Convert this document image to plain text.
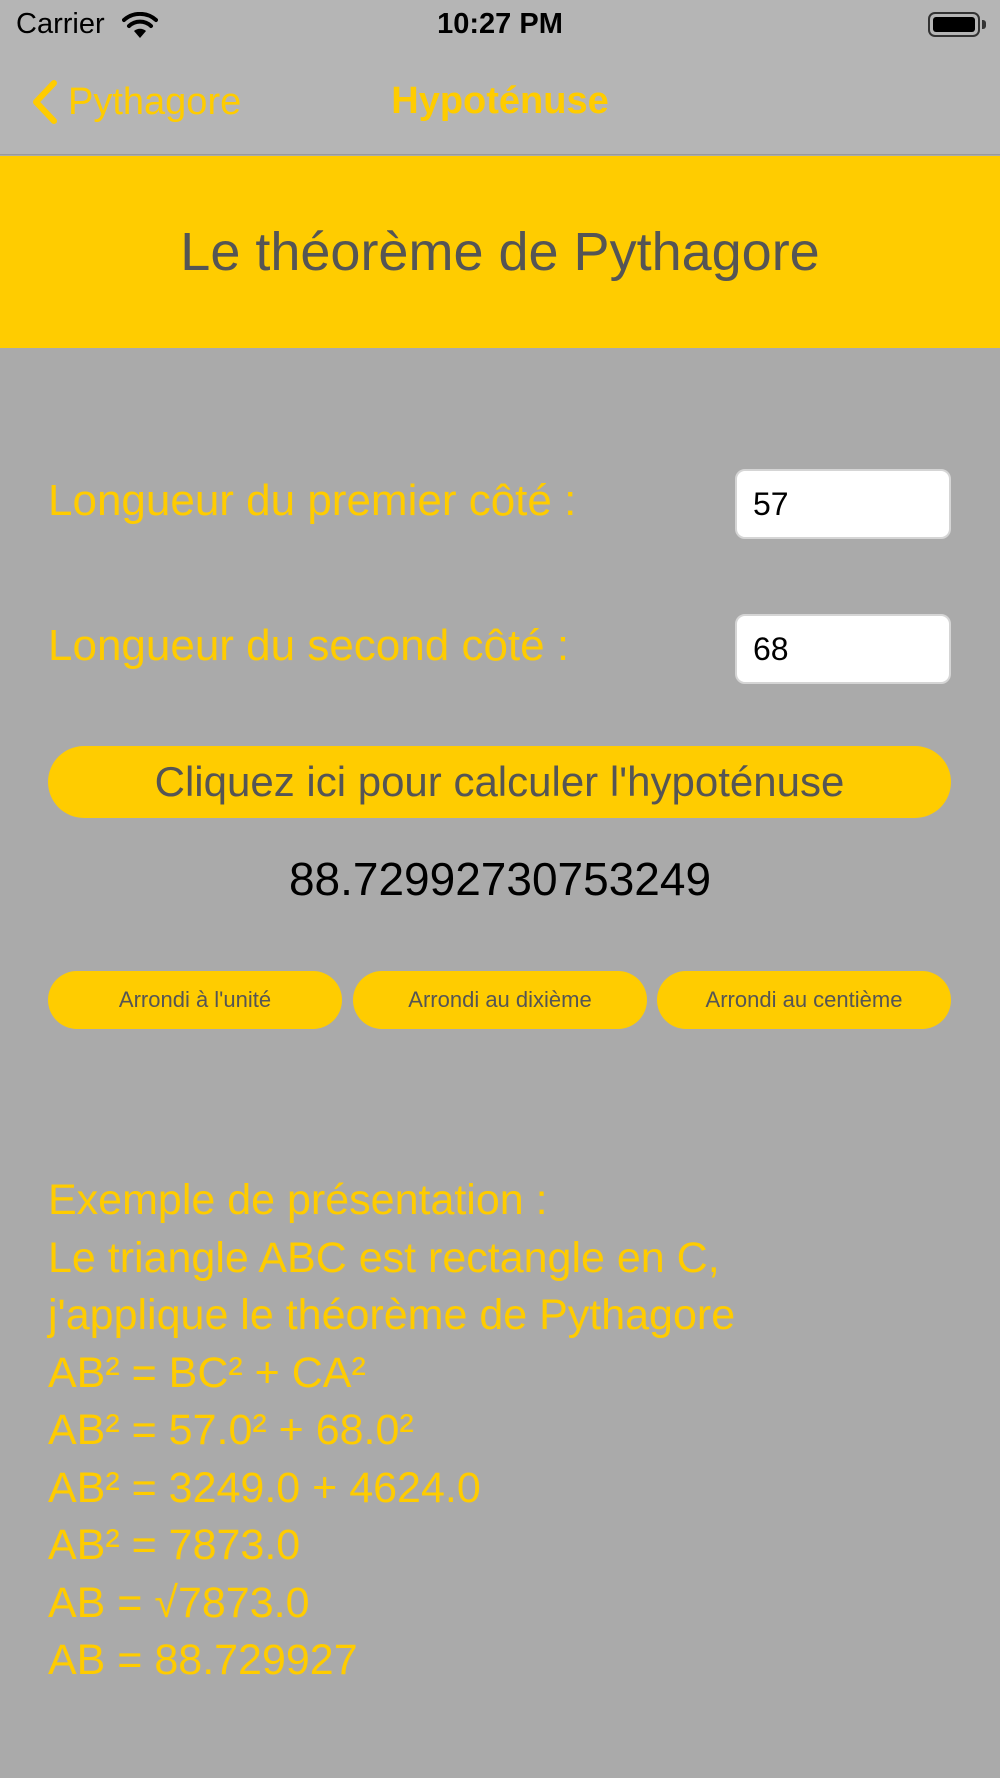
Carrier	10:27 PM
Pythagore	Hypoténuse
Le théorème de Pythagore
Longueur du premier côté :
57
Longueur du second côté :
68
Cliquez ici pour calculer l'hypoténuse
88.72992730753249
Arrondi à l'unité	Arrondi au dixième	Arrondi au centième
Exemple de présentation :
Le triangle ABC est rectangle en C,
j'applique le théorème de Pythagore
AB² = BC² + CA²
AB² = 57.0² + 68.0²
AB² = 3249.0 + 4624.0
AB² = 7873.0
AB = √7873.0
AB = 88.729927
